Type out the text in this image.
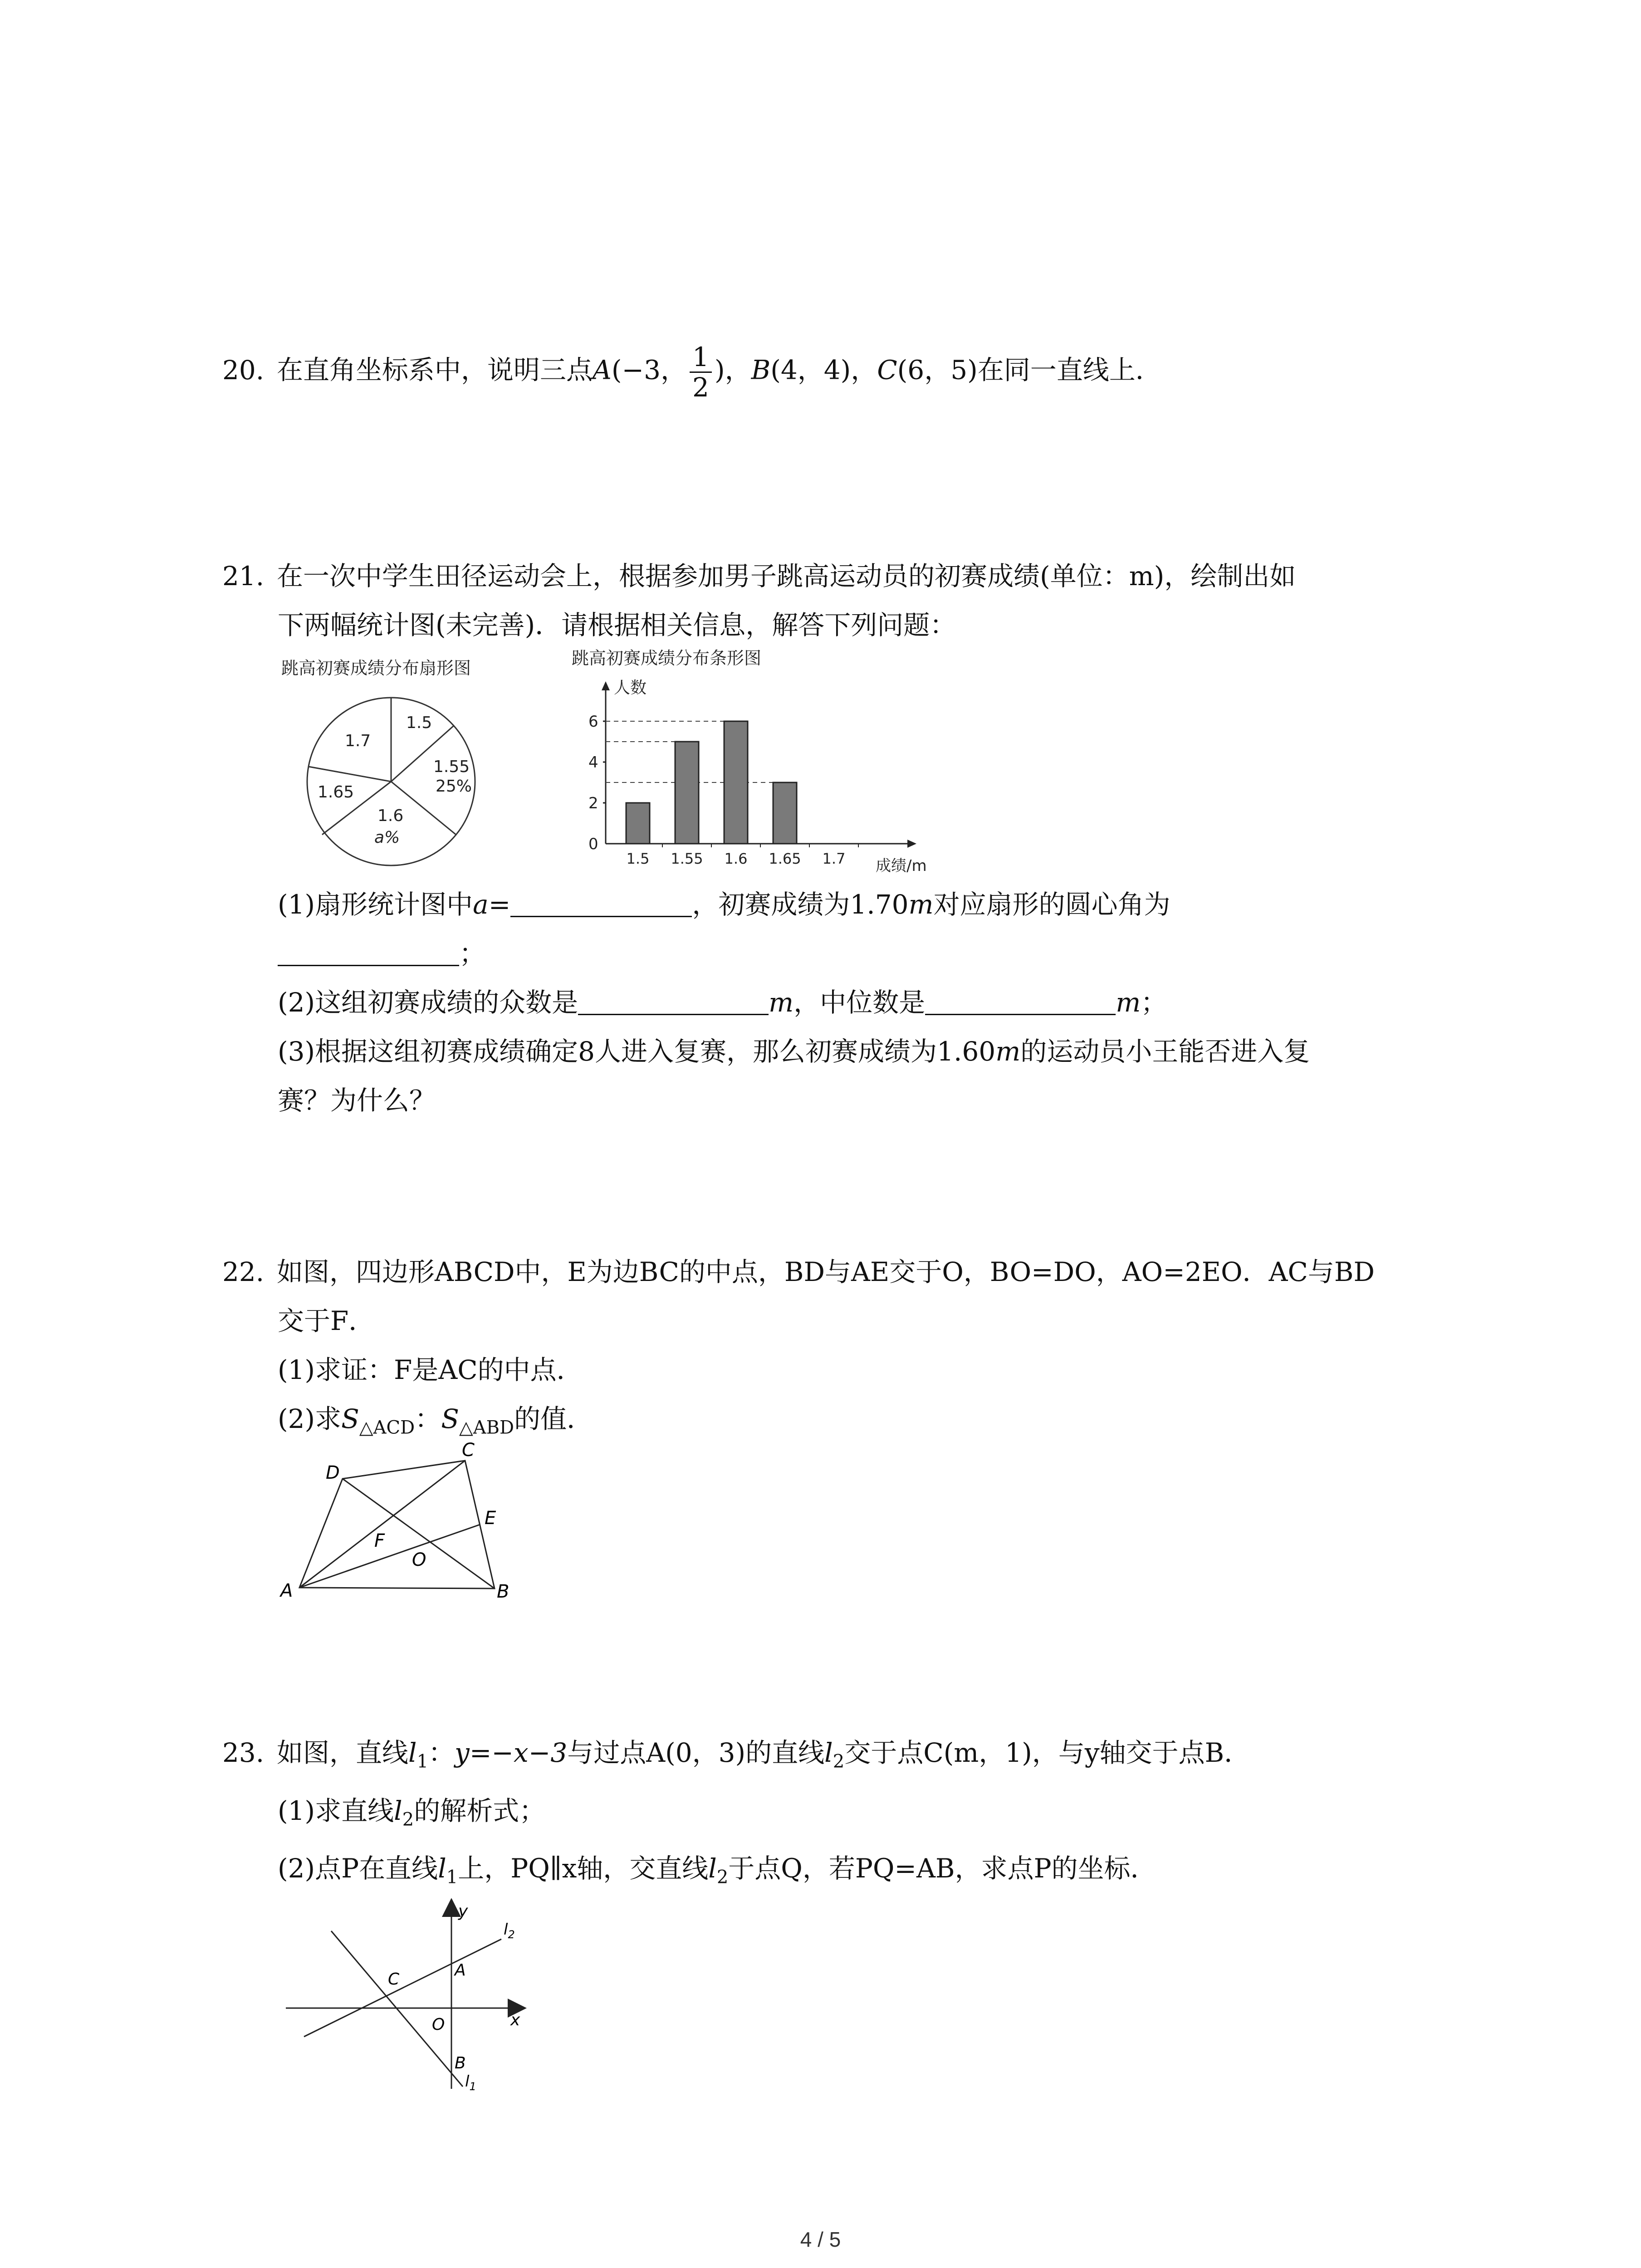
20. 在直角坐标系中，说明三点A(−3， $\frac{1}{2}$ )，B(4，4)，C(6，5)在同一直线上．

21. 在一次中学生田径运动会上，根据参加男子跳高运动员的初赛成绩(单位：m)，绘制出如

下两幅统计图(未完善)．请根据相关信息，解答下列问题：

跳高初赛成绩分布扇形图
1.5
1.55
25%
1.6
a%
1.65
1.7
跳高初赛成绩分布条形图
人数
成绩/m
0
2
4
6
1.5 1.55 1.6 1.65 1.7

(1)扇形统计图中a=	，初赛成绩为1.70m对应扇形的圆心角为

；

(2)这组初赛成绩的众数是	m，中位数是	m；

(3)根据这组初赛成绩确定8人进入复赛，那么初赛成绩为1.60m的运动员小王能否进入复

赛？为什么？

22. 如图，四边形ABCD中，E为边BC的中点，BD与AE交于O，BO=DO，AO=2EO．AC与BD

交于F．

(1)求证：F是AC的中点．

(2)求$S_{\triangle ACD}$：$S_{\triangle ABD}$的值．

A	B
C
D
E
F
O

23. 如图，直线$l_1$：y=−x−3与过点A(0，3)的直线$l_2$交于点C(m，1)，与y轴交于点B．

(1)求直线$l_2$的解析式；

(2)点P在直线$l_1$上，PQ∥x轴，交直线$l_2$于点Q，若PQ=AB，求点P的坐标．

y
x
O
A
B
C
$l_2$
$l_1$
4 / 5
